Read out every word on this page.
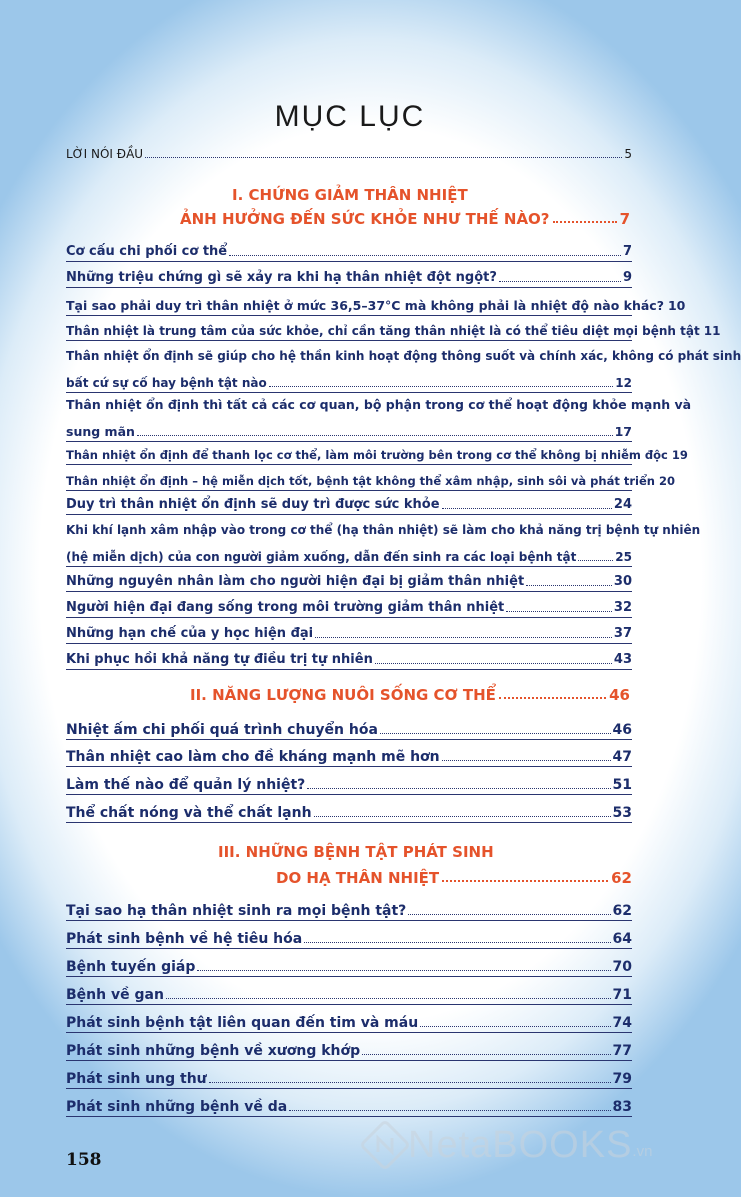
MỤC LỤC
LỜI NÓI ĐẦU	5
I. CHỨNG GIẢM THÂN NHIỆT
ẢNH HƯỞNG ĐẾN SỨC KHỎE NHƯ THẾ NÀO?	7
Cơ cấu chi phối cơ thể	7
Những triệu chứng gì sẽ xảy ra khi hạ thân nhiệt đột ngột?	9
Tại sao phải duy trì thân nhiệt ở mức 36,5–37°C mà không phải là nhiệt độ nào khác? 10
Thân nhiệt là trung tâm của sức khỏe, chỉ cần tăng thân nhiệt là có thể tiêu diệt mọi bệnh tật 11
Thân nhiệt ổn định sẽ giúp cho hệ thần kinh hoạt động thông suốt và chính xác, không có phát sinh
bất cứ sự cố hay bệnh tật nào	12
Thân nhiệt ổn định thì tất cả các cơ quan, bộ phận trong cơ thể hoạt động khỏe mạnh và
sung mãn	17
Thân nhiệt ổn định để thanh lọc cơ thể, làm môi trường bên trong cơ thể không bị nhiễm độc 19
Thân nhiệt ổn định – hệ miễn dịch tốt, bệnh tật không thể xâm nhập, sinh sôi và phát triển 20
Duy trì thân nhiệt ổn định sẽ duy trì được sức khỏe	24
Khi khí lạnh xâm nhập vào trong cơ thể (hạ thân nhiệt) sẽ làm cho khả năng trị bệnh tự nhiên
(hệ miễn dịch) của con người giảm xuống, dẫn đến sinh ra các loại bệnh tật	25
Những nguyên nhân làm cho người hiện đại bị giảm thân nhiệt	30
Người hiện đại đang sống trong môi trường giảm thân nhiệt	32
Những hạn chế của y học hiện đại	37
Khi phục hồi khả năng tự điều trị tự nhiên	43
II. NĂNG LƯỢNG NUÔI SỐNG CƠ THỂ	46
Nhiệt ấm chi phối quá trình chuyển hóa	46
Thân nhiệt cao làm cho đề kháng mạnh mẽ hơn	47
Làm thế nào để quản lý nhiệt?	51
Thể chất nóng và thể chất lạnh	53
III. NHỮNG BỆNH TẬT PHÁT SINH
DO HẠ THÂN NHIỆT	62
Tại sao hạ thân nhiệt sinh ra mọi bệnh tật?	62
Phát sinh bệnh về hệ tiêu hóa	64
Bệnh tuyến giáp	70
Bệnh về gan	71
Phát sinh bệnh tật liên quan đến tim và máu	74
Phát sinh những bệnh về xương khớp	77
Phát sinh ung thư	79
Phát sinh những bệnh về da	83
158	NetaBOOKS .vn
